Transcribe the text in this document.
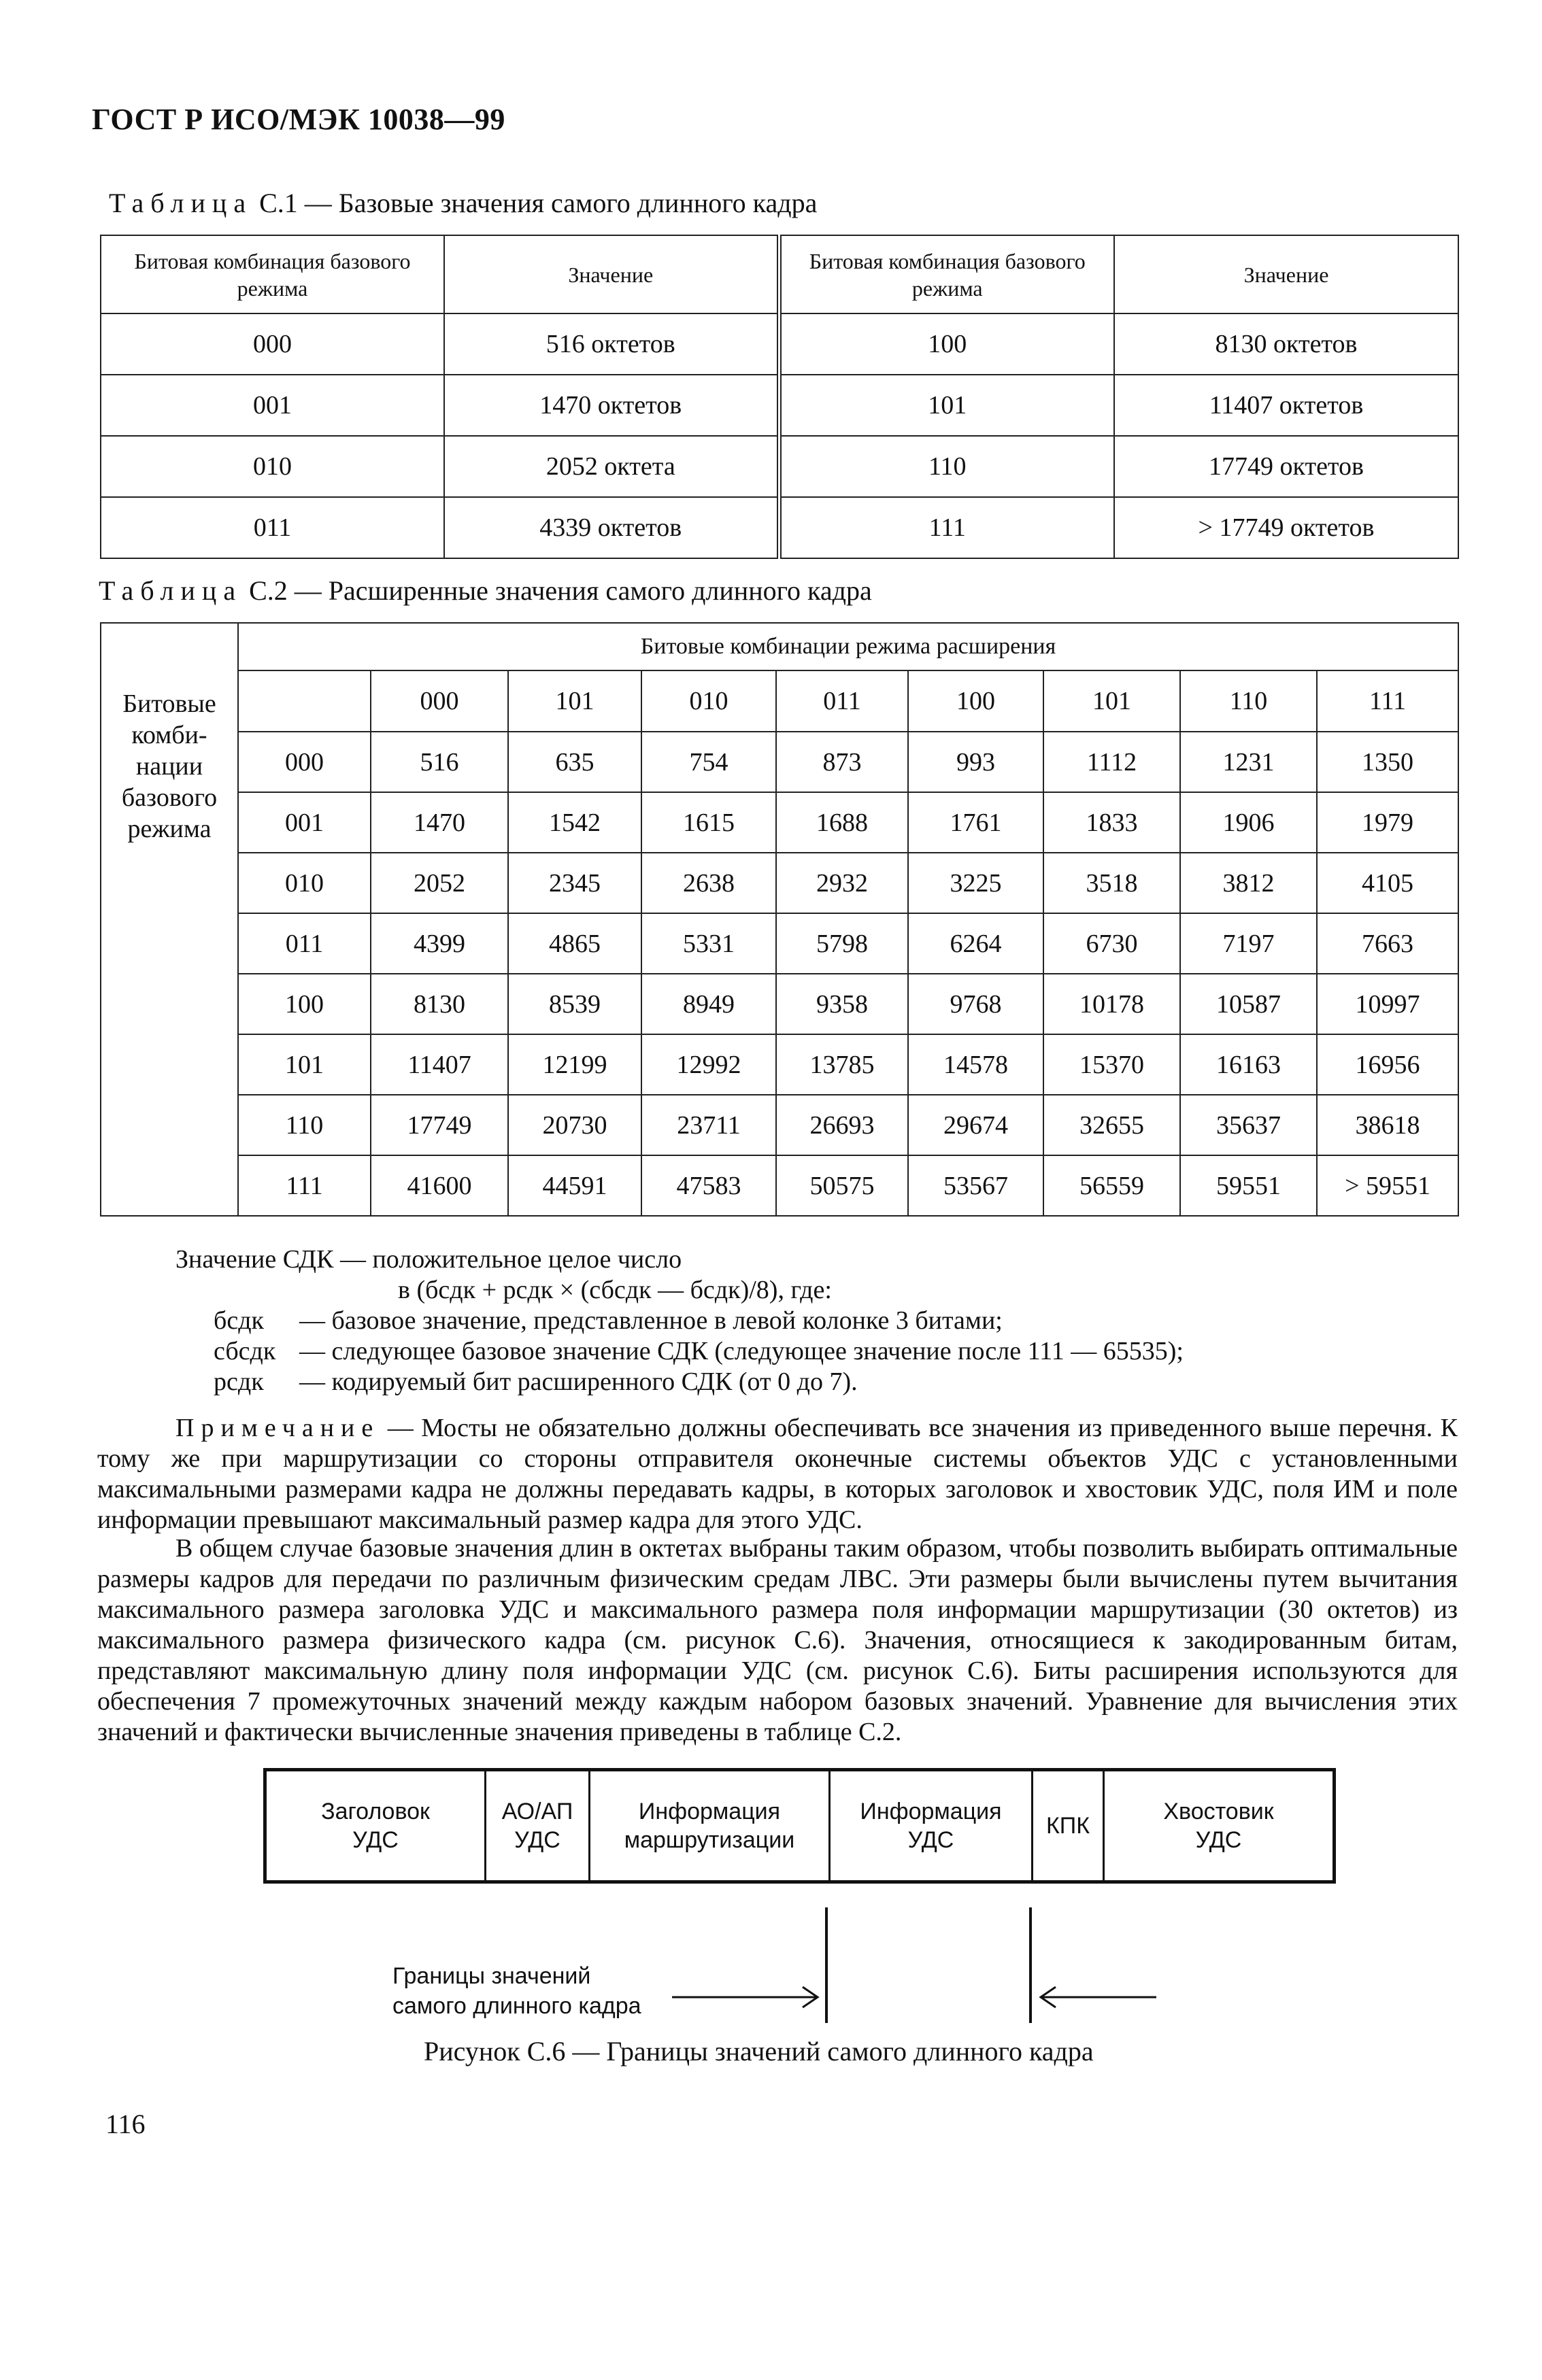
ГОСТ Р ИСО/МЭК 10038—99
Таблица С.1 — Базовые значения самого длинного кадра
Битовая комбинация базового режима	Значение	Битовая комбинация базового режима	Значение
000	516 октетов	100	8130 октетов
001	1470 октетов	101	11407 октетов
010	2052 октета	110	17749 октетов
011	4339 октетов	111	> 17749 октетов
Таблица С.2 — Расширенные значения самого длинного кадра
Битовые комби-нации базового режима	Битовые комбинации режима расширения								
		000	101	010	011	100	101	110	111
	000	516	635	754	873	993	1112	1231	1350
	001	1470	1542	1615	1688	1761	1833	1906	1979
	010	2052	2345	2638	2932	3225	3518	3812	4105
	011	4399	4865	5331	5798	6264	6730	7197	7663
	100	8130	8539	8949	9358	9768	10178	10587	10997
	101	11407	12199	12992	13785	14578	15370	16163	16956
	110	17749	20730	23711	26693	29674	32655	35637	38618
	111	41600	44591	47583	50575	53567	56559	59551	> 59551
Значение СДК — положительное целое число
в (бсдк + рсдк × (сбсдк — бсдк)/8), где:
бсдк — базовое значение, представленное в левой колонке 3 битами;
сбсдк — следующее базовое значение СДК (следующее значение после 111 — 65535);
рсдк — кодируемый бит расширенного СДК (от 0 до 7).
Примечание — Мосты не обязательно должны обеспечивать все значения из приведенного выше перечня. К тому же при маршрутизации со стороны отправителя оконечные системы объектов УДС с установленными максимальными размерами кадра не должны передавать кадры, в которых заголовок и хвостовик УДС, поля ИМ и поле информации превышают максимальный размер кадра для этого УДС.
В общем случае базовые значения длин в октетах выбраны таким образом, чтобы позволить выбирать оптимальные размеры кадров для передачи по различным физическим средам ЛВС. Эти размеры были вычислены путем вычитания максимального размера заголовка УДС и максимального размера поля информации маршрутизации (30 октетов) из максимального размера физического кадра (см. рисунок С.6). Значения, относящиеся к закодированным битам, представляют максимальную длину поля информации УДС (см. рисунок С.6). Биты расширения используются для обеспечения 7 промежуточных значений между каждым набором базовых значений. Уравнение для вычисления этих значений и фактически вычисленные значения приведены в таблице С.2.
Заголовок
УДС
АО/АП
УДС
Информация
маршрутизации
Информация
УДС
КПК
Хвостовик
УДС
Границы значений
самого длинного кадра
Рисунок С.6 — Границы значений самого длинного кадра
116
